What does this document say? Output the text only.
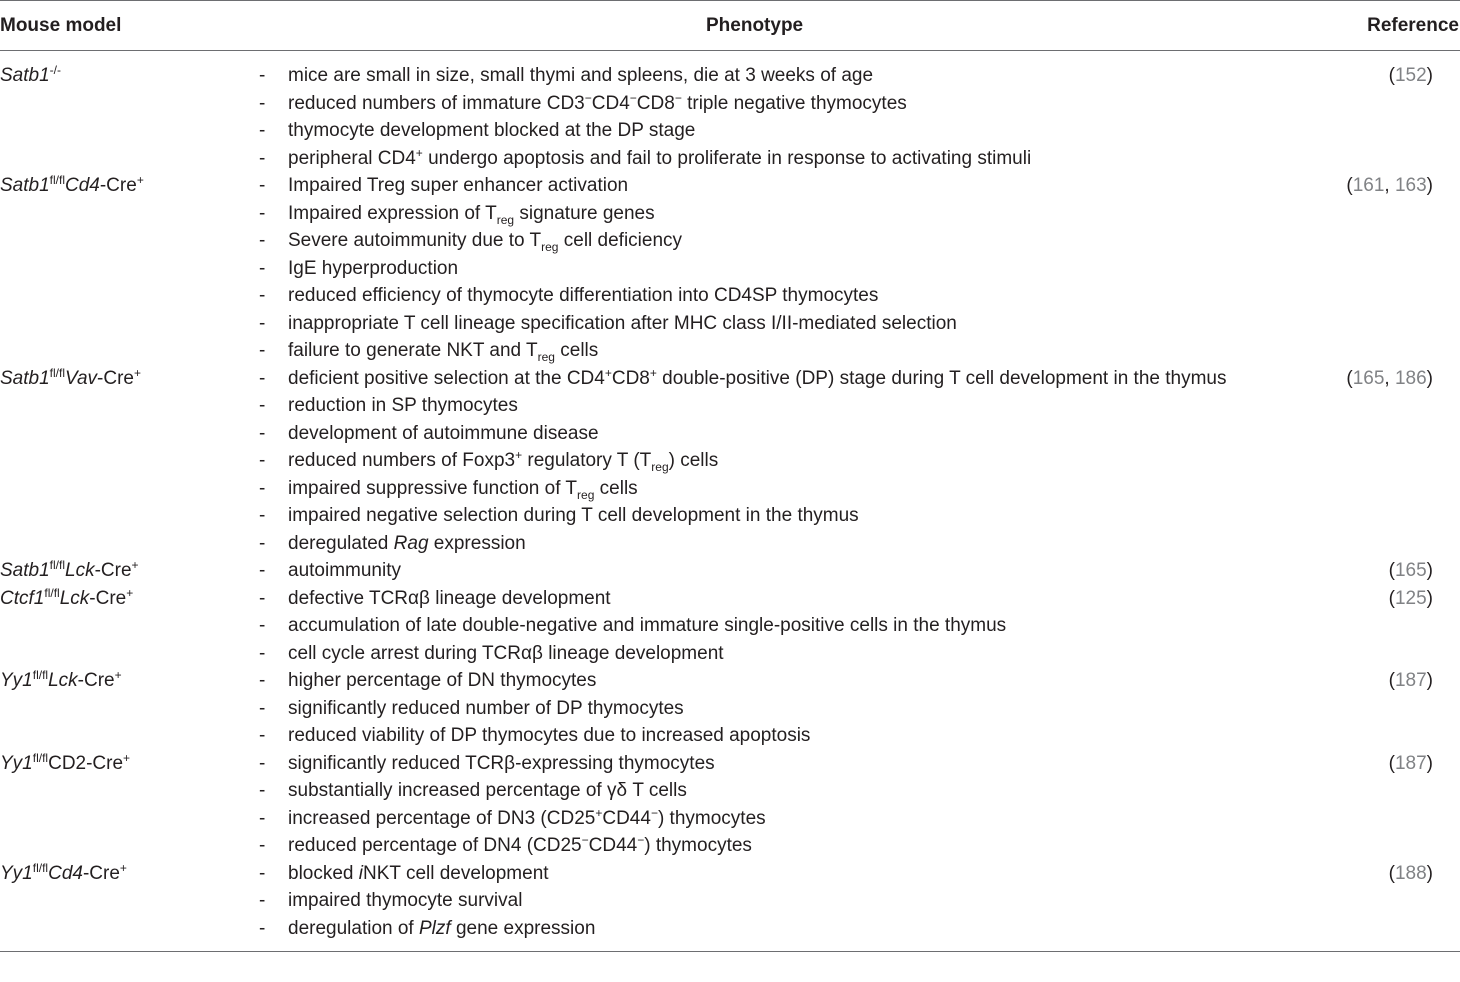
Mouse model	Phenotype	Reference
Satb1-/-	- mice are small in size, small thymi and spleens, die at 3 weeks of age	(152)
- reduced numbers of immature CD3−CD4−CD8− triple negative thymocytes
- thymocyte development blocked at the DP stage
- peripheral CD4+ undergo apoptosis and fail to proliferate in response to activating stimuli
$Satb1^{fl/fl}Cd4-Cre^+$	- Impaired Treg super enhancer activation	(161, 163)
- Impaired expression of $T_{reg}$ signature genes
- Severe autoimmunity due to $T_{reg}$ cell deficiency
- IgE hyperproduction
- reduced efficiency of thymocyte differentiation into CD4SP thymocytes
- inappropriate T cell lineage specification after MHC class I/II-mediated selection
- failure to generate NKT and $T_{reg}$ cells
$Satb1^{fl/fl}Vav-Cre^+$	- deficient positive selection at the CD4+CD8+ double-positive (DP) stage during T cell development in the thymus	(165, 186)
- reduction in SP thymocytes
- development of autoimmune disease
- reduced numbers of Foxp3+ regulatory T $(T_{reg})$ cells
- impaired suppressive function of $T_{reg}$ cells
- impaired negative selection during T cell development in the thymus
- deregulated Rag expression
$Satb1^{fl/fl}Lck-Cre^+$	- autoimmunity	(165)
$Ctcf1^{fl/fl}Lck-Cre^+$	- defective TCRαβ lineage development	(125)
- accumulation of late double-negative and immature single-positive cells in the thymus
- cell cycle arrest during TCRαβ lineage development
$Yy1^{fl/fl}Lck-Cre^+$	- higher percentage of DN thymocytes	(187)
- significantly reduced number of DP thymocytes
- reduced viability of DP thymocytes due to increased apoptosis
$Yy1^{fl/fl}CD2-Cre^+$	- significantly reduced TCRβ-expressing thymocytes	(187)
- substantially increased percentage of γδ T cells
- increased percentage of DN3 (CD25+CD44−) thymocytes
- reduced percentage of DN4 (CD25−CD44−) thymocytes
$Yy1^{fl/fl}Cd4-Cre^+$	- blocked iNKT cell development	(188)
- impaired thymocyte survival
- deregulation of Plzf gene expression
